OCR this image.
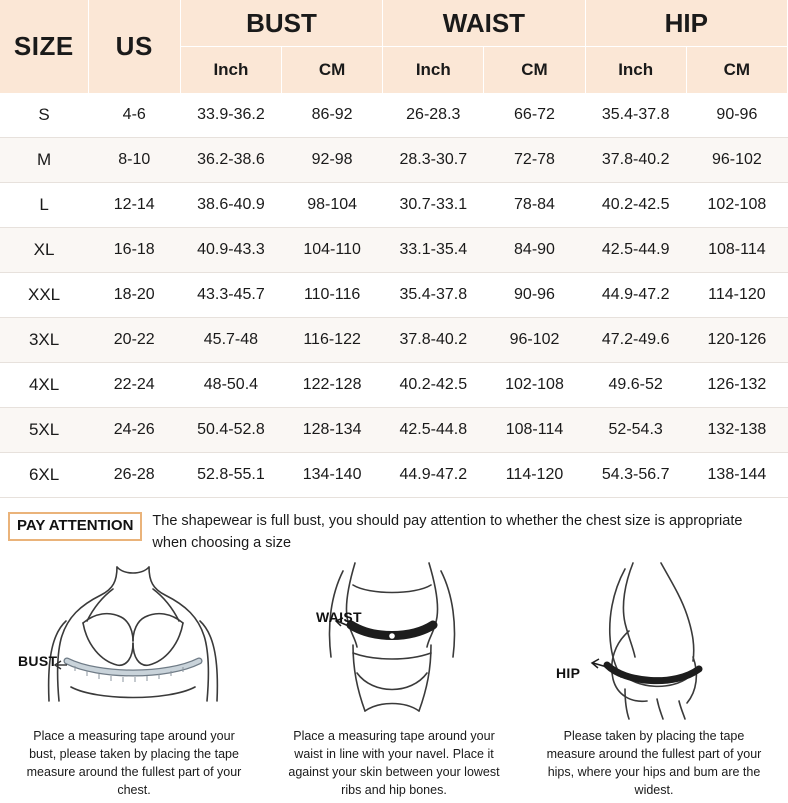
SIZE	US	BUST		WAIST		HIP	
		Inch	CM	Inch	CM	Inch	CM
S	4-6	33.9-36.2	86-92	26-28.3	66-72	35.4-37.8	90-96
M	8-10	36.2-38.6	92-98	28.3-30.7	72-78	37.8-40.2	96-102
L	12-14	38.6-40.9	98-104	30.7-33.1	78-84	40.2-42.5	102-108
XL	16-18	40.9-43.3	104-110	33.1-35.4	84-90	42.5-44.9	108-114
XXL	18-20	43.3-45.7	110-116	35.4-37.8	90-96	44.9-47.2	114-120
3XL	20-22	45.7-48	116-122	37.8-40.2	96-102	47.2-49.6	120-126
4XL	22-24	48-50.4	122-128	40.2-42.5	102-108	49.6-52	126-132
5XL	24-26	50.4-52.8	128-134	42.5-44.8	108-114	52-54.3	132-138
6XL	26-28	52.8-55.1	134-140	44.9-47.2	114-120	54.3-56.7	138-144
PAY ATTENTION	The shapewear is full bust, you should pay attention to whether the chest size is appropriate when choosing a size
BUST
Place a measuring tape around your bust, please taken by placing the tape measure around the fullest part of your chest.
WAIST
Place a measuring tape around your waist in line with your navel. Place it against your skin between your lowest ribs and hip bones.
HIP
Please taken by placing the tape measure around the fullest part of your hips, where your hips and bum are the widest.
